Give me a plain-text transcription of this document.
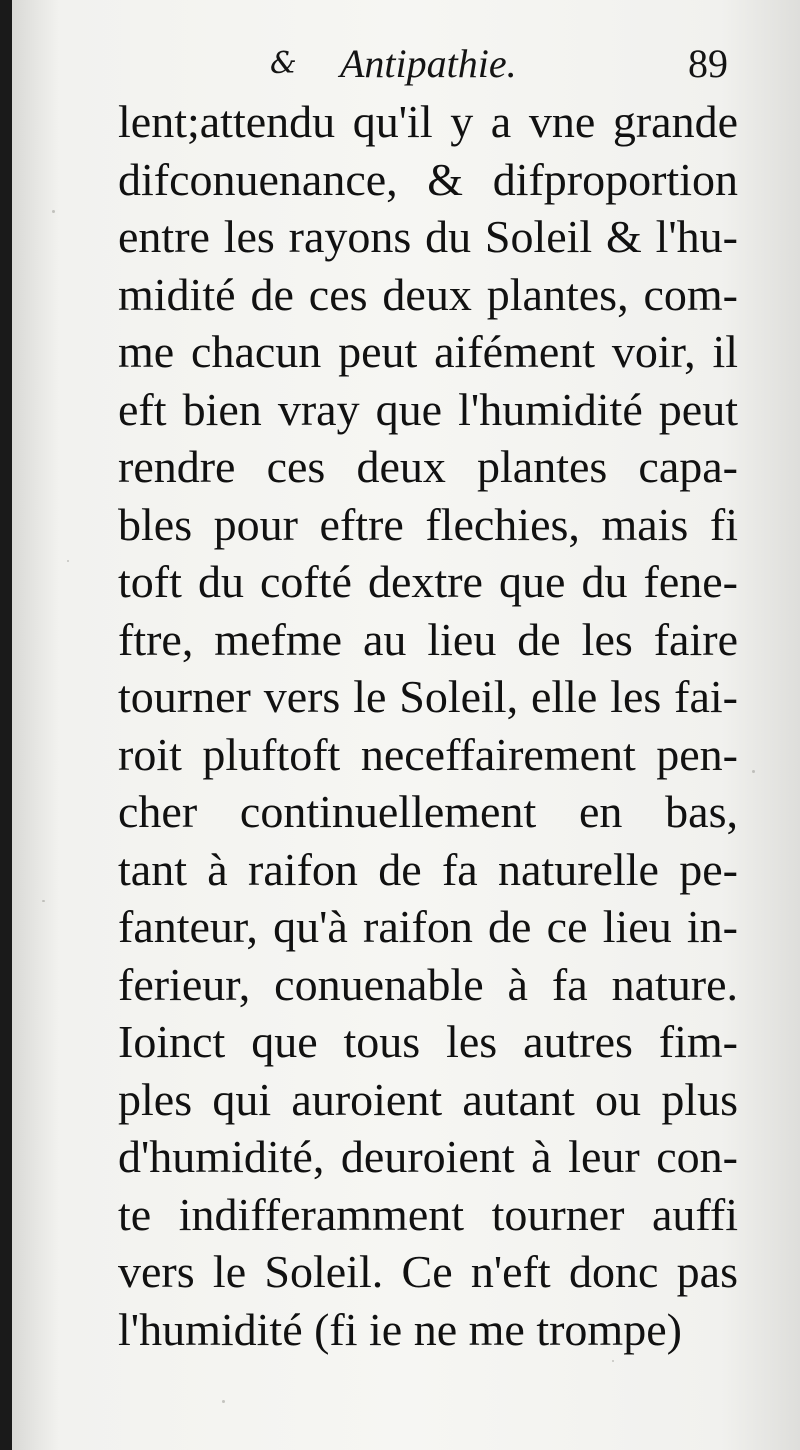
& Antipathie.	89
lent;attendu qu'il y a vne grande
difconuenance, & difproportion
entre les rayons du Soleil & l'hu-
midité de ces deux plantes, com-
me chacun peut aifément voir, il
eft bien vray que l'humidité peut
rendre ces deux plantes capa-
bles pour eftre flechies, mais fi
toft du cofté dextre que du fene-
ftre, mefme au lieu de les faire
tourner vers le Soleil, elle les fai-
roit pluftoft neceffairement pen-
cher continuellement en bas,
tant à raifon de fa naturelle pe-
fanteur, qu'à raifon de ce lieu in-
ferieur, conuenable à fa nature.
Ioinct que tous les autres fim-
ples qui auroient autant ou plus
d'humidité, deuroient à leur con-
te indifferamment tourner auffi
vers le Soleil. Ce n'eft donc pas
l'humidité (fi ie ne me trompe)
